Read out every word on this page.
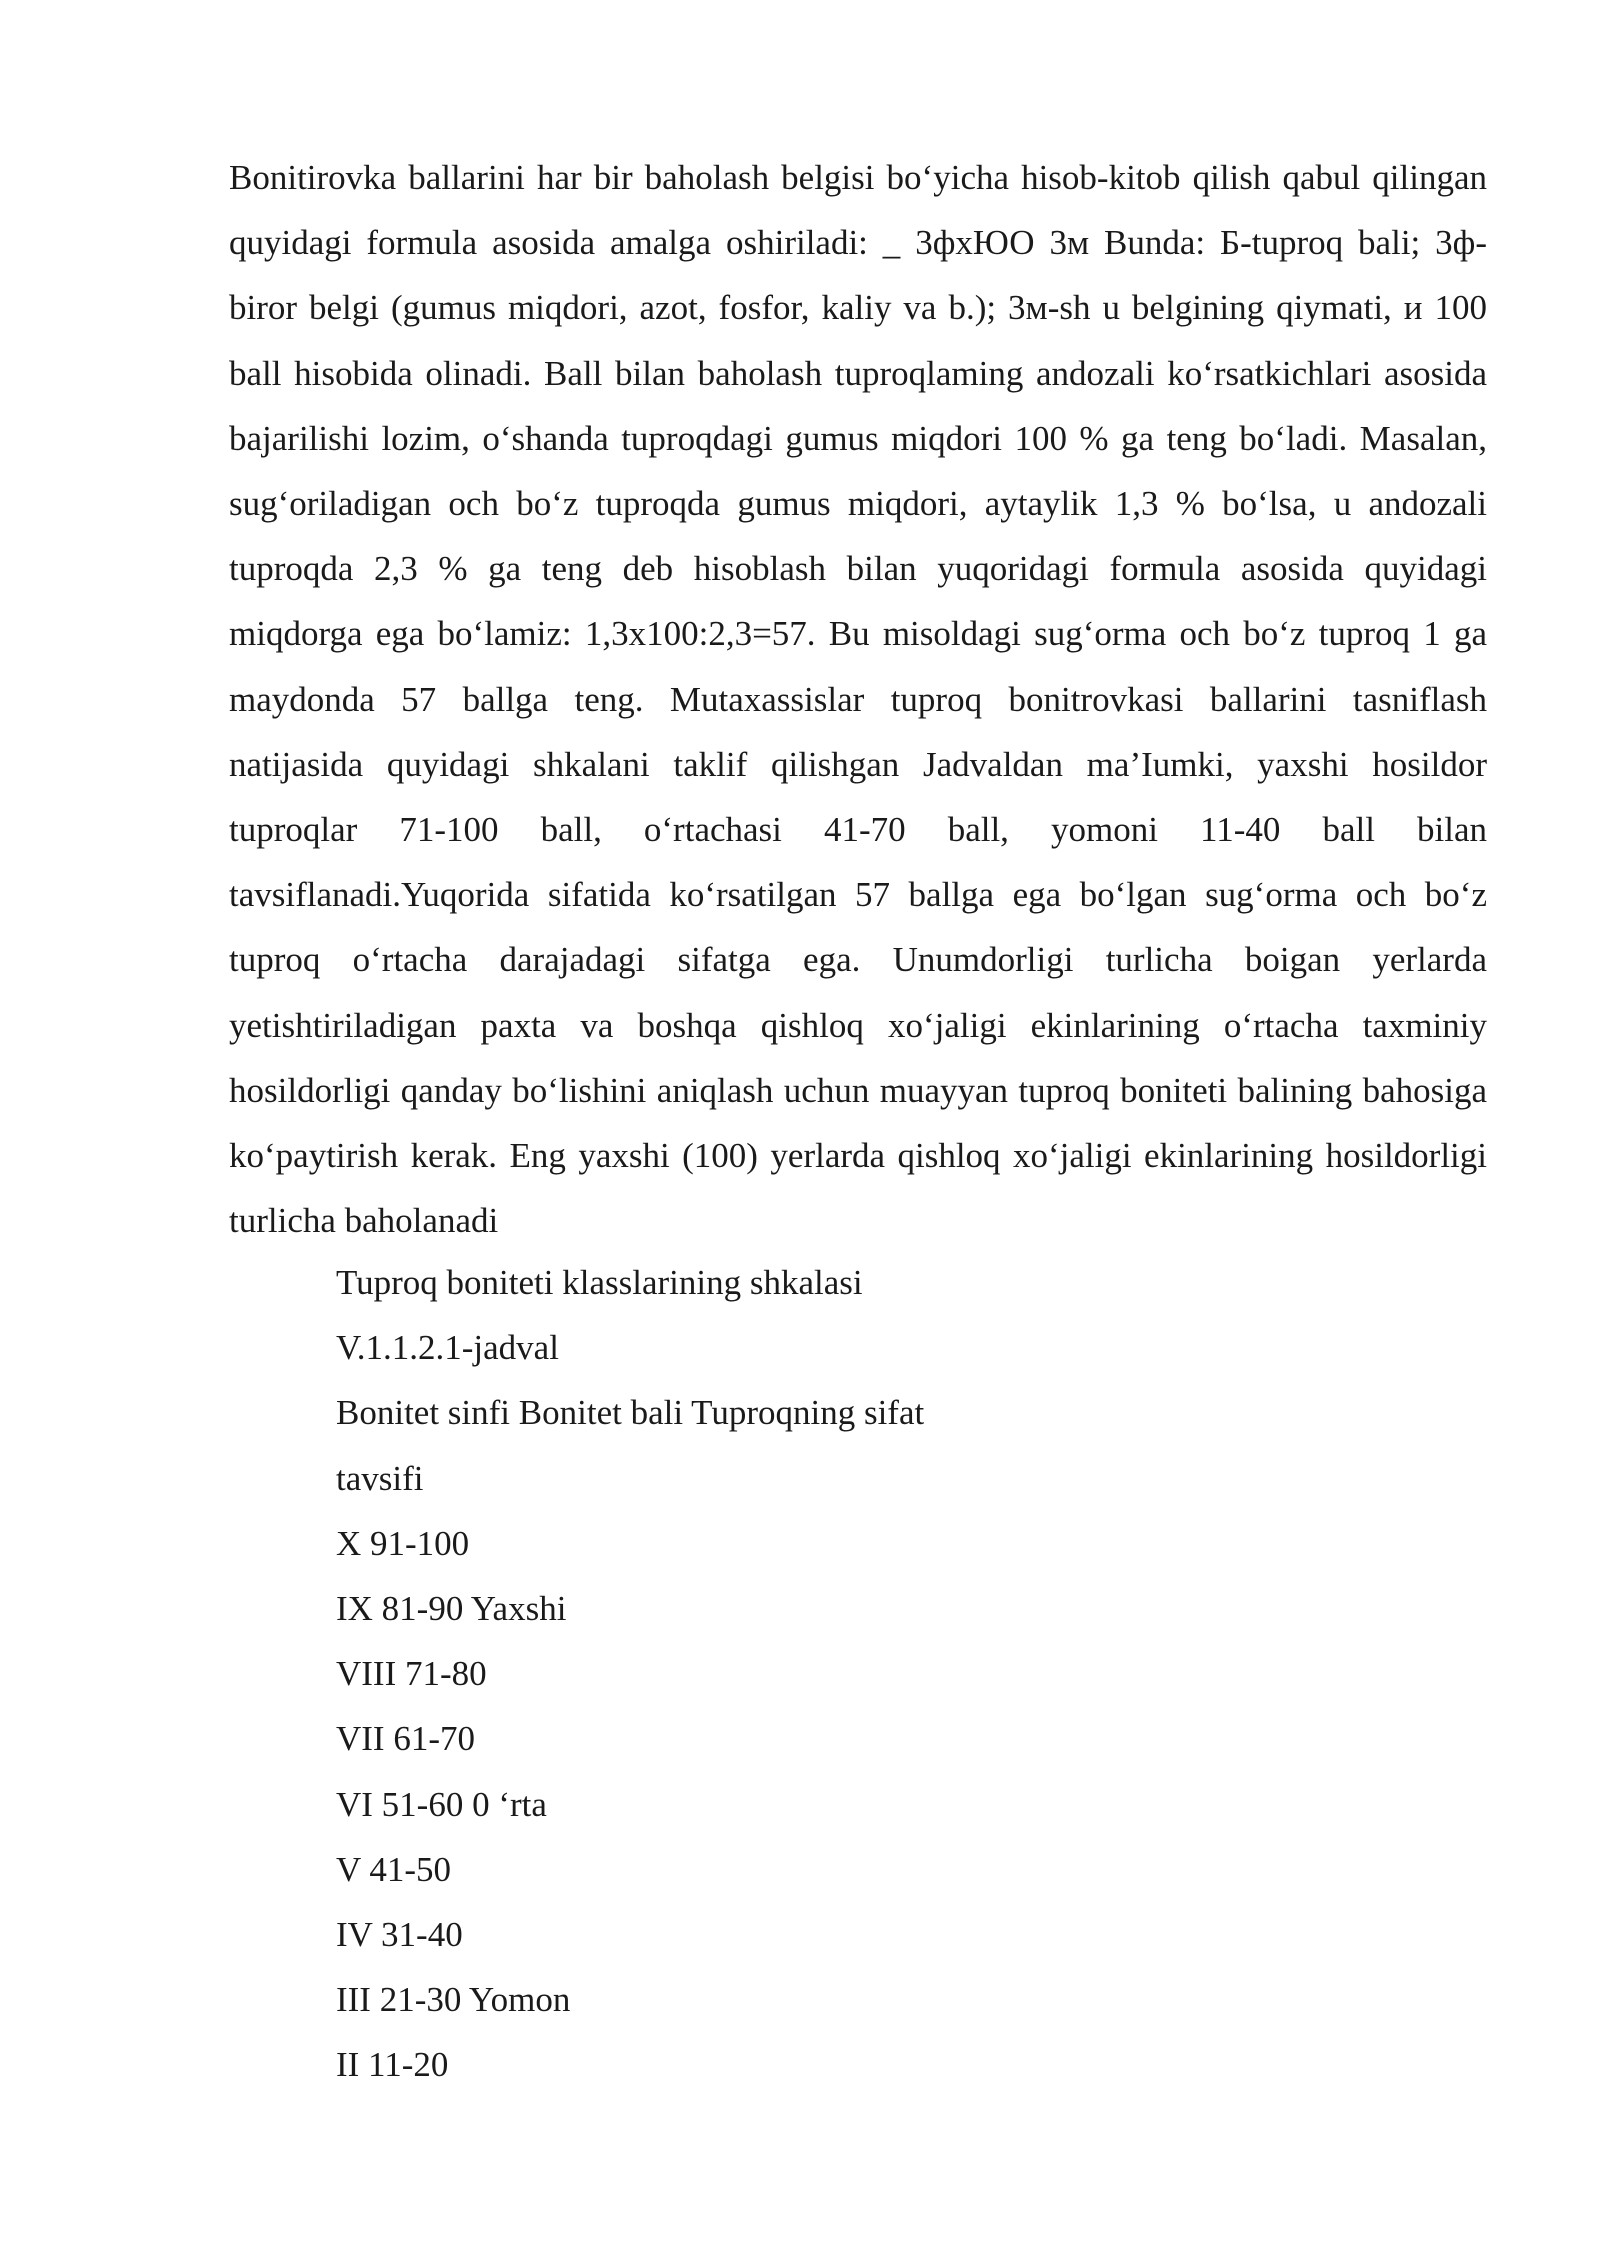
Bonitirovka ballarini har bir baholash belgisi bo‘yicha hisob-kitob qilish qabul qilingan quyidagi formula asosida amalga oshiriladi: _ 3фхЮО 3м Bunda: Б-tuproq bali; 3ф-biror belgi (gumus miqdori, azot, fosfor, kaliy va b.); 3м-sh u belgining qiymati, и 100 ball hisobida olinadi. Ball bilan baholash tuproqlaming andozali ko‘rsatkichlari asosida bajarilishi lozim, o‘shanda tuproqdagi gumus miqdori 100 % ga teng bo‘ladi. Masalan, sug‘oriladigan och bo‘z tuproqda gumus miqdori, aytaylik 1,3 % bo‘lsa, u andozali tuproqda 2,3 % ga teng deb hisoblash bilan yuqoridagi formula asosida quyidagi miqdorga ega bo‘lamiz: 1,3x100:2,3=57. Bu misoldagi sug‘orma och bo‘z tuproq 1 ga maydonda 57 ballga teng. Mutaxassislar tuproq bonitrovkasi ballarini tasniflash natijasida quyidagi shkalani taklif qilishgan Jadvaldan ma’Iumki, yaxshi hosildor tuproqlar 71-100 ball, o‘rtachasi 41-70 ball, yomoni 11-40 ball bilan tavsiflanadi.Yuqorida sifatida ko‘rsatilgan 57 ballga ega bo‘lgan sug‘orma och bo‘z tuproq o‘rtacha darajadagi sifatga ega. Unumdorligi turlicha boigan yerlarda yetishtiriladigan paxta va boshqa qishloq xo‘jaligi ekinlarining o‘rtacha taxminiy hosildorligi qanday bo‘lishini aniqlash uchun muayyan tuproq boniteti balining bahosiga ko‘paytirish kerak. Eng yaxshi (100) yerlarda qishloq xo‘jaligi ekinlarining hosildorligi turlicha baholanadi

Tuproq boniteti klasslarining shkalasi
V.1.1.2.1-jadval
Bonitet sinfi Bonitet bali Tuproqning sifat
tavsifi
X 91-100
IX 81-90 Yaxshi
VIII 71-80
VII 61-70
VI 51-60 0 ‘rta
V 41-50
IV 31-40
III 21-30 Yomon
II 11-20
